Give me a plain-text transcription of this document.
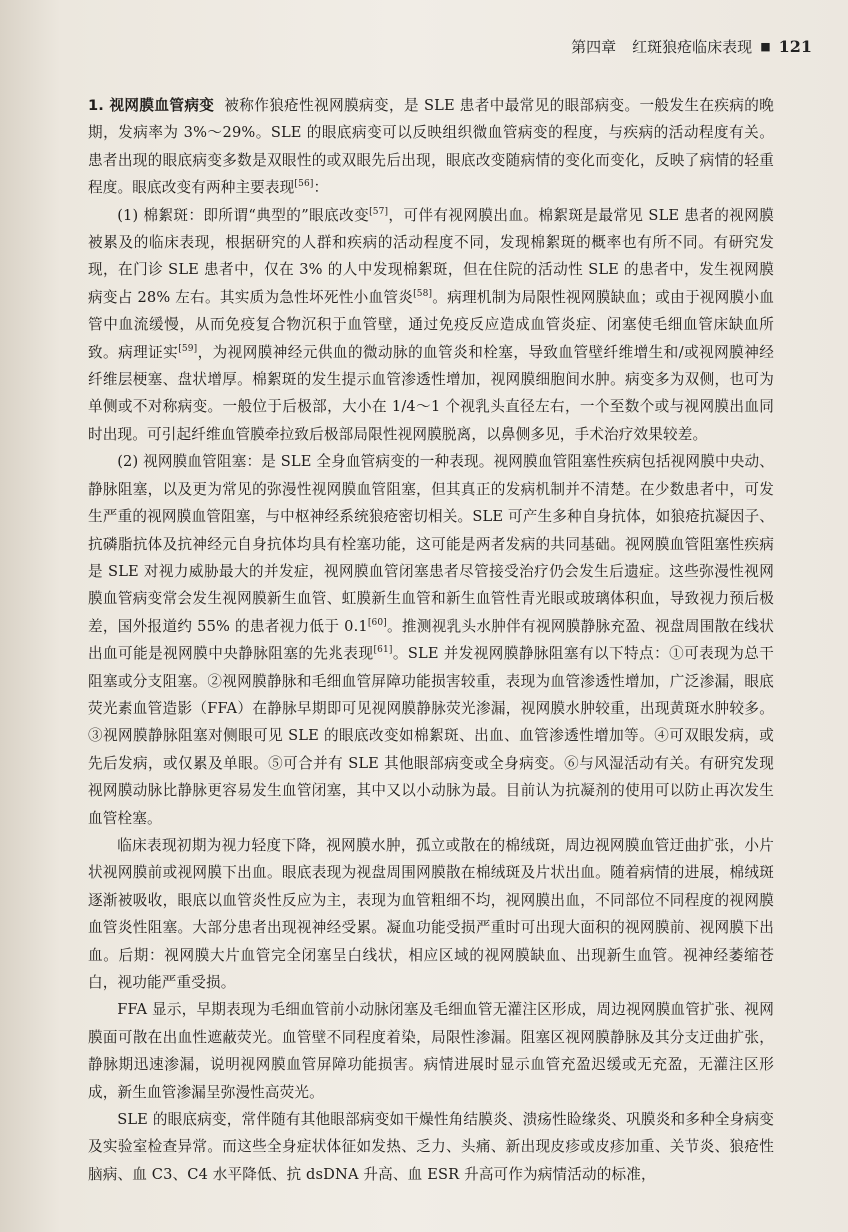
第四章 红斑狼疮临床表现 ■ 121

1. 视网膜血管病变 被称作狼疮性视网膜病变，是 SLE 患者中最常见的眼部病变。一般发生在疾病的晚期，发病率为 3%～29%。SLE 的眼底病变可以反映组织微血管病变的程度，与疾病的活动程度有关。患者出现的眼底病变多数是双眼性的或双眼先后出现，眼底改变随病情的变化而变化，反映了病情的轻重程度。眼底改变有两种主要表现[56]：

(1) 棉絮斑：即所谓“典型的”眼底改变[57]，可伴有视网膜出血。棉絮斑是最常见 SLE 患者的视网膜被累及的临床表现，根据研究的人群和疾病的活动程度不同，发现棉絮斑的概率也有所不同。有研究发现，在门诊 SLE 患者中，仅在 3% 的人中发现棉絮斑，但在住院的活动性 SLE 的患者中，发生视网膜病变占 28% 左右。其实质为急性坏死性小血管炎[58]。病理机制为局限性视网膜缺血；或由于视网膜小血管中血流缓慢，从而免疫复合物沉积于血管壁，通过免疫反应造成血管炎症、闭塞使毛细血管床缺血所致。病理证实[59]，为视网膜神经元供血的微动脉的血管炎和栓塞，导致血管壁纤维增生和/或视网膜神经纤维层梗塞、盘状增厚。棉絮斑的发生提示血管渗透性增加，视网膜细胞间水肿。病变多为双侧，也可为单侧或不对称病变。一般位于后极部，大小在 1/4～1 个视乳头直径左右，一个至数个或与视网膜出血同时出现。可引起纤维血管膜牵拉致后极部局限性视网膜脱离，以鼻侧多见，手术治疗效果较差。

(2) 视网膜血管阻塞：是 SLE 全身血管病变的一种表现。视网膜血管阻塞性疾病包括视网膜中央动、静脉阻塞，以及更为常见的弥漫性视网膜血管阻塞，但其真正的发病机制并不清楚。在少数患者中，可发生严重的视网膜血管阻塞，与中枢神经系统狼疮密切相关。SLE 可产生多种自身抗体，如狼疮抗凝因子、抗磷脂抗体及抗神经元自身抗体均具有栓塞功能，这可能是两者发病的共同基础。视网膜血管阻塞性疾病是 SLE 对视力威胁最大的并发症，视网膜血管闭塞患者尽管接受治疗仍会发生后遗症。这些弥漫性视网膜血管病变常会发生视网膜新生血管、虹膜新生血管和新生血管性青光眼或玻璃体积血，导致视力预后极差，国外报道约 55% 的患者视力低于 0.1[60]。推测视乳头水肿伴有视网膜静脉充盈、视盘周围散在线状出血可能是视网膜中央静脉阻塞的先兆表现[61]。SLE 并发视网膜静脉阻塞有以下特点：①可表现为总干阻塞或分支阻塞。②视网膜静脉和毛细血管屏障功能损害较重，表现为血管渗透性增加，广泛渗漏，眼底荧光素血管造影（FFA）在静脉早期即可见视网膜静脉荧光渗漏，视网膜水肿较重，出现黄斑水肿较多。③视网膜静脉阻塞对侧眼可见 SLE 的眼底改变如棉絮斑、出血、血管渗透性增加等。④可双眼发病，或先后发病，或仅累及单眼。⑤可合并有 SLE 其他眼部病变或全身病变。⑥与风湿活动有关。有研究发现视网膜动脉比静脉更容易发生血管闭塞，其中又以小动脉为最。目前认为抗凝剂的使用可以防止再次发生血管栓塞。

临床表现初期为视力轻度下降，视网膜水肿，孤立或散在的棉绒斑，周边视网膜血管迂曲扩张，小片状视网膜前或视网膜下出血。眼底表现为视盘周围网膜散在棉绒斑及片状出血。随着病情的进展，棉绒斑逐渐被吸收，眼底以血管炎性反应为主，表现为血管粗细不均，视网膜出血，不同部位不同程度的视网膜血管炎性阻塞。大部分患者出现视神经受累。凝血功能受损严重时可出现大面积的视网膜前、视网膜下出血。后期：视网膜大片血管完全闭塞呈白线状，相应区域的视网膜缺血、出现新生血管。视神经萎缩苍白，视功能严重受损。

FFA 显示，早期表现为毛细血管前小动脉闭塞及毛细血管无灌注区形成，周边视网膜血管扩张、视网膜面可散在出血性遮蔽荧光。血管壁不同程度着染，局限性渗漏。阻塞区视网膜静脉及其分支迂曲扩张，静脉期迅速渗漏，说明视网膜血管屏障功能损害。病情进展时显示血管充盈迟缓或无充盈，无灌注区形成，新生血管渗漏呈弥漫性高荧光。

SLE 的眼底病变，常伴随有其他眼部病变如干燥性角结膜炎、溃疡性睑缘炎、巩膜炎和多种全身病变及实验室检查异常。而这些全身症状体征如发热、乏力、头痛、新出现皮疹或皮疹加重、关节炎、狼疮性脑病、血 C3、C4 水平降低、抗 dsDNA 升高、血 ESR 升高可作为病情活动的标准，
